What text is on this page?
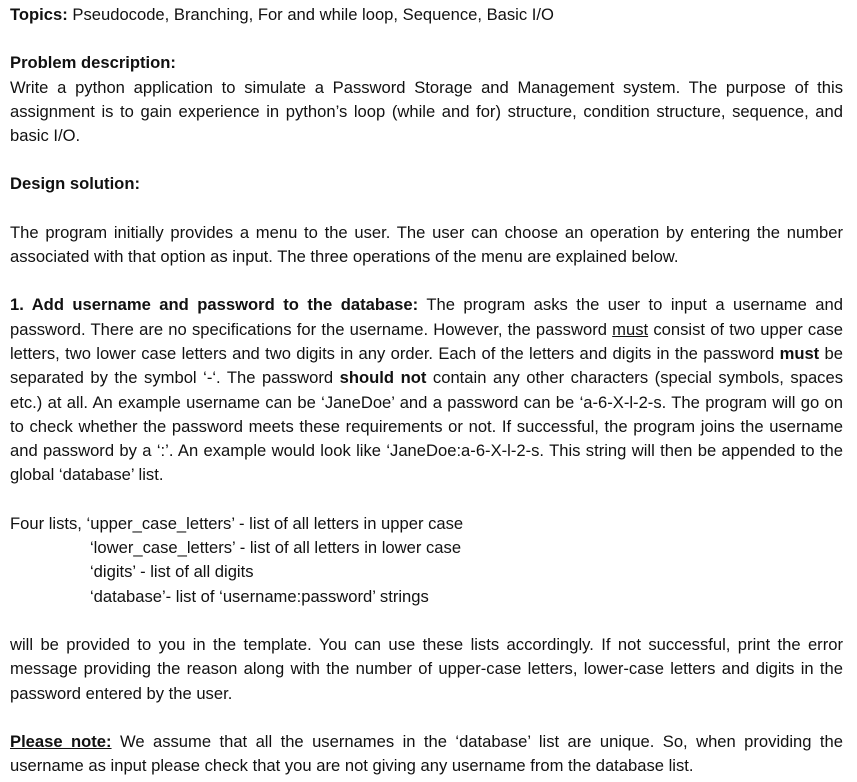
Topics: Pseudocode, Branching, For and while loop, Sequence, Basic I/O

Problem description:

Write a python application to simulate a Password Storage and Management system. The purpose of this assignment is to gain experience in python’s loop (while and for) structure, condition structure, sequence, and basic I/O.

Design solution:

The program initially provides a menu to the user. The user can choose an operation by entering the number associated with that option as input. The three operations of the menu are explained below.

1. Add username and password to the database: The program asks the user to input a username and password. There are no specifications for the username. However, the password must consist of two upper case letters, two lower case letters and two digits in any order. Each of the letters and digits in the password must be separated by the symbol ‘-‘. The password should not contain any other characters (special symbols, spaces etc.) at all. An example username can be ‘JaneDoe’ and a password can be ‘a-6-X-l-2-s. The program will go on to check whether the password meets these requirements or not. If successful, the program joins the username and password by a ‘:’. An example would look like ‘JaneDoe:a-6-X-l-2-s. This string will then be appended to the global ‘database’ list.

Four lists, ‘upper_case_letters’ - list of all letters in upper case

‘lower_case_letters’ - list of all letters in lower case

‘digits’ - list of all digits

‘database’- list of ‘username:password’ strings

will be provided to you in the template. You can use these lists accordingly. If not successful, print the error message providing the reason along with the number of upper-case letters, lower-case letters and digits in the password entered by the user.

Please note: We assume that all the usernames in the ‘database’ list are unique. So, when providing the username as input please check that you are not giving any username from the database list.
